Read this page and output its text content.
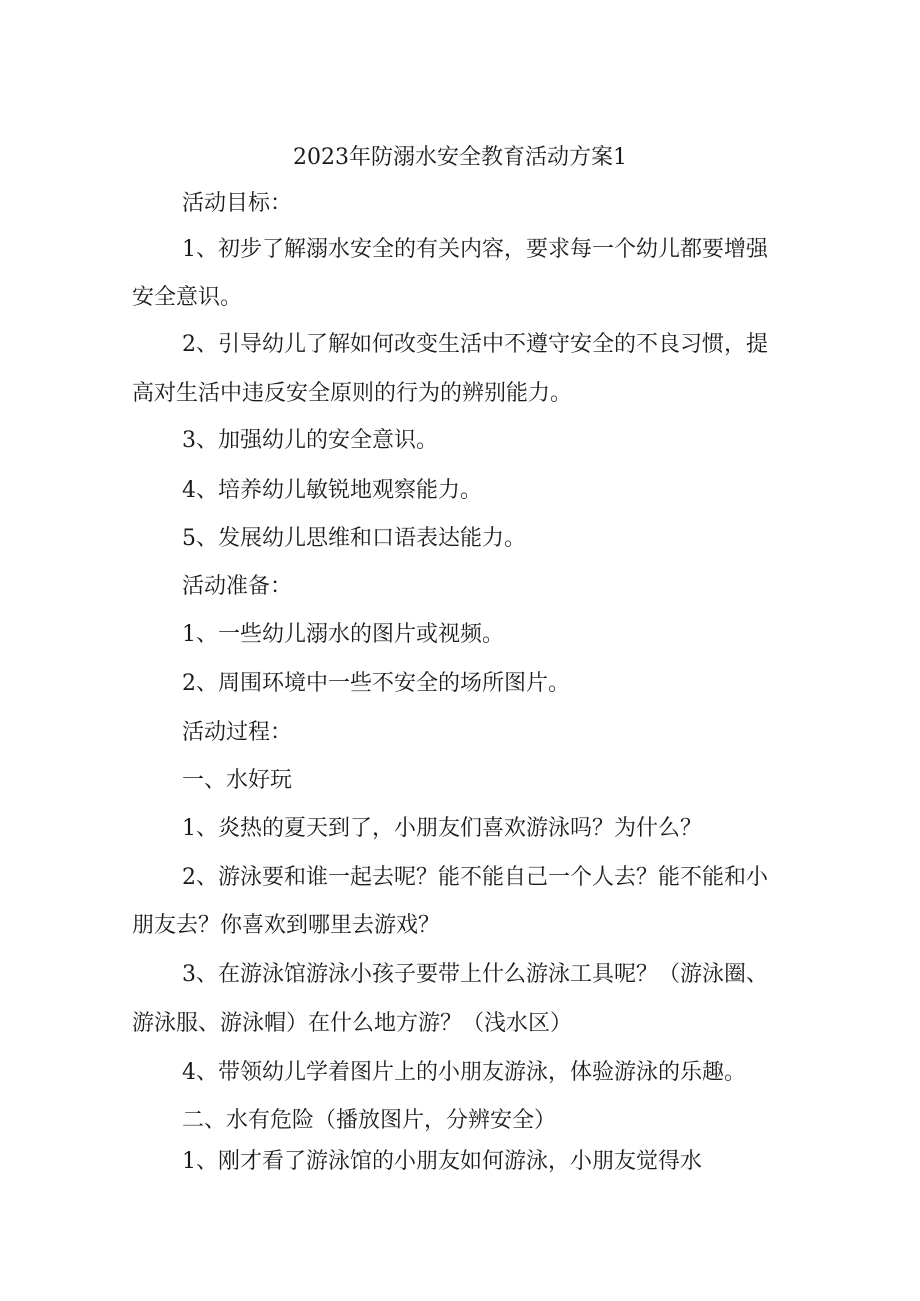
2023年防溺水安全教育活动方案1
活动目标：
1、初步了解溺水安全的有关内容，要求每一个幼儿都要增强
安全意识。
2、引导幼儿了解如何改变生活中不遵守安全的不良习惯，提
高对生活中违反安全原则的行为的辨别能力。
3、加强幼儿的安全意识。
4、培养幼儿敏锐地观察能力。
5、发展幼儿思维和口语表达能力。
活动准备：
1、一些幼儿溺水的图片或视频。
2、周围环境中一些不安全的场所图片。
活动过程：
一、水好玩
1、炎热的夏天到了，小朋友们喜欢游泳吗？为什么？
2、游泳要和谁一起去呢？能不能自己一个人去？能不能和小
朋友去？你喜欢到哪里去游戏？
3、在游泳馆游泳小孩子要带上什么游泳工具呢？（游泳圈、
游泳服、游泳帽）在什么地方游？（浅水区）
4、带领幼儿学着图片上的小朋友游泳，体验游泳的乐趣。
二、水有危险（播放图片，分辨安全）
1、刚才看了游泳馆的小朋友如何游泳，小朋友觉得水
